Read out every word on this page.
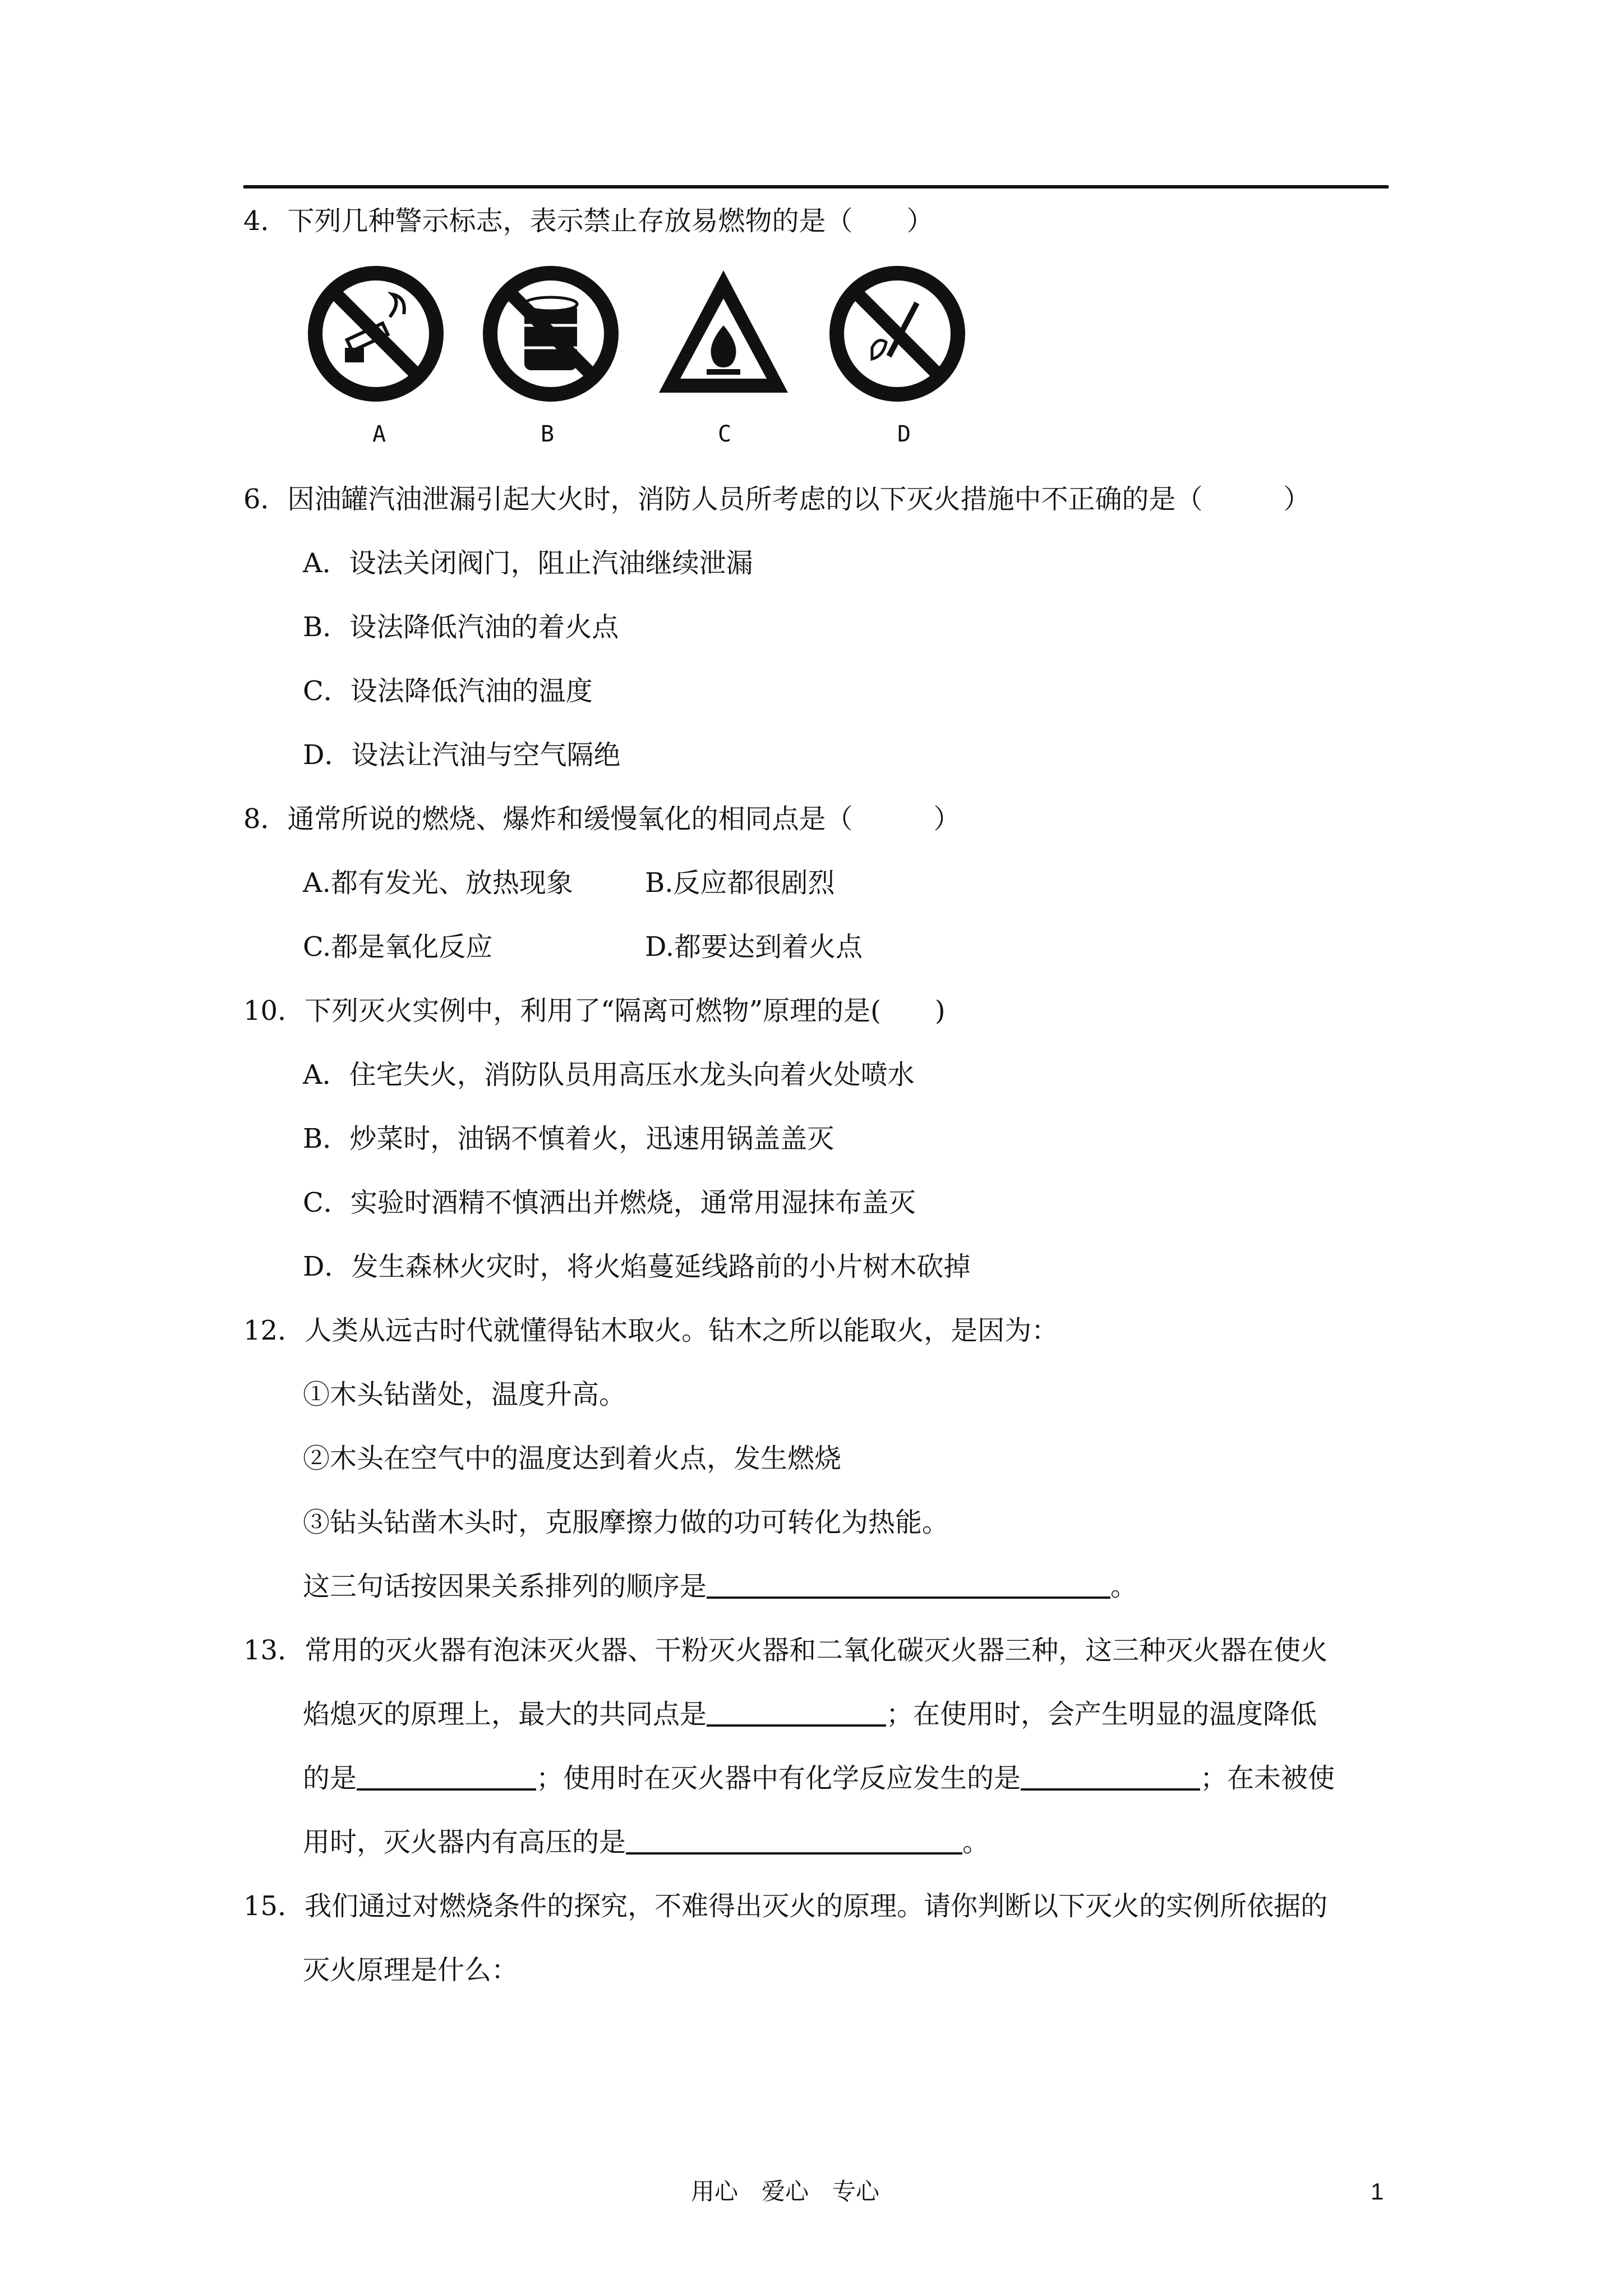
4．下列几种警示标志，表示禁止存放易燃物的是（　　）
A	B	C	D
6．因油罐汽油泄漏引起大火时，消防人员所考虑的以下灭火措施中不正确的是（　　　）
A．设法关闭阀门，阻止汽油继续泄漏
B．设法降低汽油的着火点
C．设法降低汽油的温度
D．设法让汽油与空气隔绝
8．通常所说的燃烧、爆炸和缓慢氧化的相同点是（　　　）
A.都有发光、放热现象	B.反应都很剧烈
C.都是氧化反应	D.都要达到着火点
10．下列灭火实例中，利用了“隔离可燃物”原理的是(　　)
A．住宅失火，消防队员用高压水龙头向着火处喷水
B．炒菜时，油锅不慎着火，迅速用锅盖盖灭
C．实验时酒精不慎洒出并燃烧，通常用湿抹布盖灭
D．发生森林火灾时，将火焰蔓延线路前的小片树木砍掉
12．人类从远古时代就懂得钻木取火。钻木之所以能取火，是因为：
①木头钻凿处，温度升高。
②木头在空气中的温度达到着火点，发生燃烧
③钻头钻凿木头时，克服摩擦力做的功可转化为热能。
这三句话按因果关系排列的顺序是	。
13．常用的灭火器有泡沫灭火器、干粉灭火器和二氧化碳灭火器三种，这三种灭火器在使火
焰熄灭的原理上，最大的共同点是	；在使用时，会产生明显的温度降低
的是	；使用时在灭火器中有化学反应发生的是	；在未被使
用时，灭火器内有高压的是	。
15．我们通过对燃烧条件的探究，不难得出灭火的原理。请你判断以下灭火的实例所依据的
灭火原理是什么：
用心　爱心　专心	1
